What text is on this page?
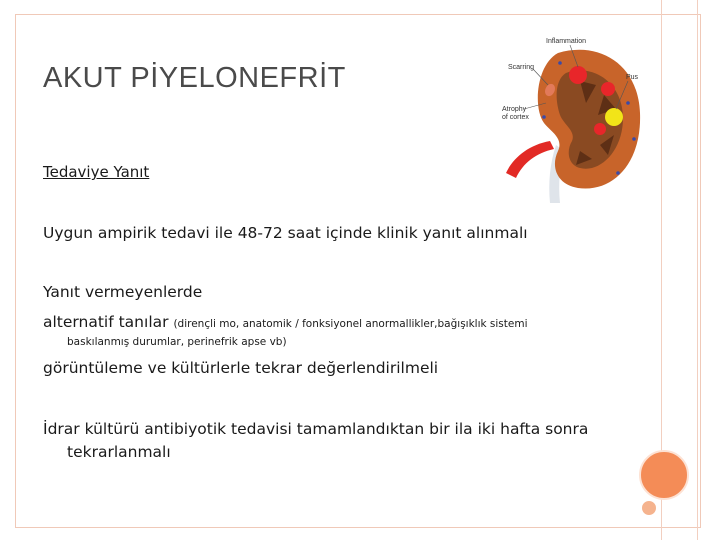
AKUT PİYELONEFRİT
Inflammation
Scarring
Pus
Atrophy
of cortex
Tedaviye Yanıt
Uygun ampirik tedavi ile 48-72 saat içinde klinik yanıt alınmalı
Yanıt vermeyenlerde
alternatif tanılar (dirençli mo, anatomik / fonksiyonel anormallikler,bağışıklık sistemi
baskılanmış durumlar, perinefrik apse vb)
görüntüleme ve kültürlerle tekrar değerlendirilmeli
İdrar kültürü antibiyotik tedavisi tamamlandıktan bir ila iki hafta sonra
tekrarlanmalı
